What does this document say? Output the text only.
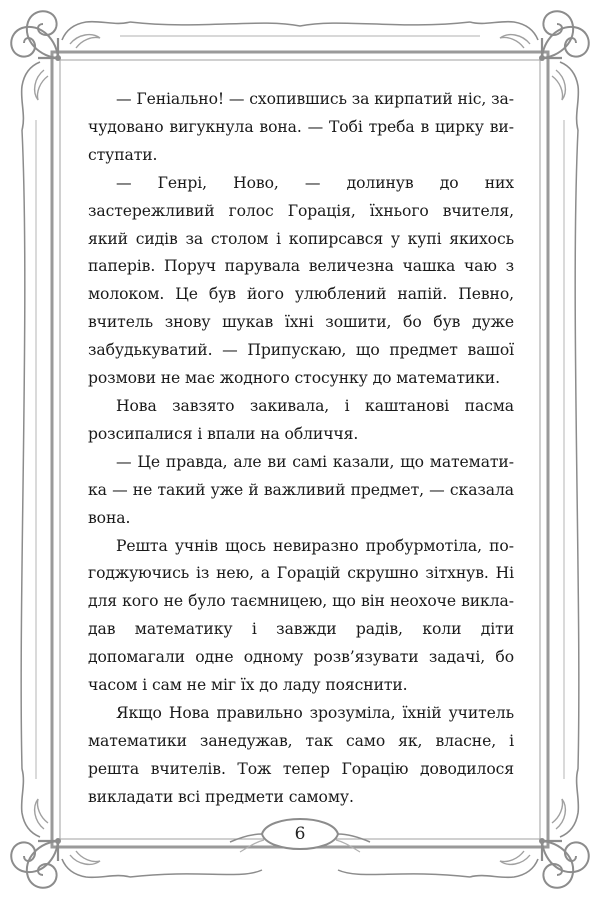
— Геніально! — схопившись за кирпатий ніс, зачудовано вигукнула вона. — Тобі треба в цирку виступати.

— Генрі, Ново, — долинув до них застережливий голос Горація, їхнього вчителя, який сидів за столом і копирсався у купі якихось паперів. Поруч парувала величезна чашка чаю з молоком. Це був його улюблений напій. Певно, вчитель знову шукав їхні зошити, бо був дуже забудькуватий. — Припускаю, що предмет вашої розмови не має жодного стосунку до математики.

Нова завзято закивала, і каштанові пасма розсипалися і впали на обличчя.

— Це правда, але ви самі казали, що математика — не такий уже й важливий предмет, — сказала вона.

Решта учнів щось невиразно пробурмотіла, погоджуючись із нею, а Горацій скрушно зітхнув. Ні для кого не було таємницею, що він неохоче викладав математику і завжди радів, коли діти допомагали одне одному розв’язувати задачі, бо часом і сам не міг їх до ладу пояснити.

Якщо Нова правильно зрозуміла, їхній учитель математики занедужав, так само як, власне, і решта вчителів. Тож тепер Горацію доводилося викладати всі предмети самому.

6
